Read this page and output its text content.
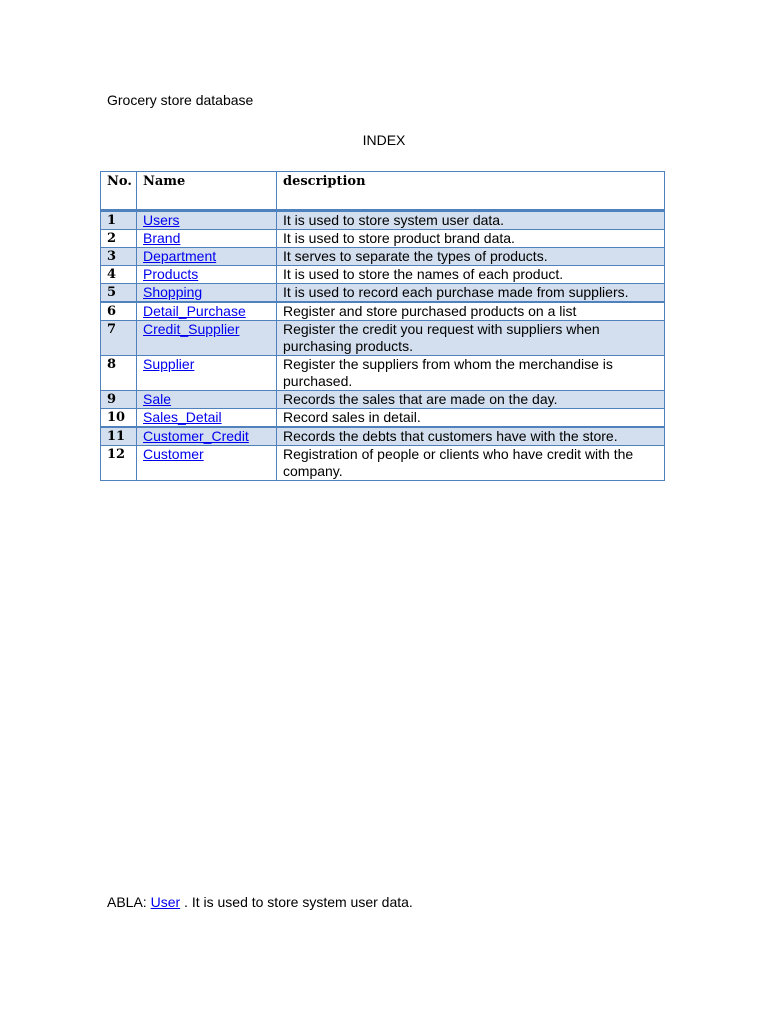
Grocery store database
INDEX
No.	Name	description
1	Users	It is used to store system user data.
2	Brand	It is used to store product brand data.
3	Department	It serves to separate the types of products.
4	Products	It is used to store the names of each product.
5	Shopping	It is used to record each purchase made from suppliers.
6	Detail_Purchase	Register and store purchased products on a list
7	Credit_Supplier	Register the credit you request with suppliers when purchasing products.
8	Supplier	Register the suppliers from whom the merchandise is purchased.
9	Sale	Records the sales that are made on the day.
10	Sales_Detail	Record sales in detail.
11	Customer_Credit	Records the debts that customers have with the store.
12	Customer	Registration of people or clients who have credit with the company.
ABLA: User . It is used to store system user data.
